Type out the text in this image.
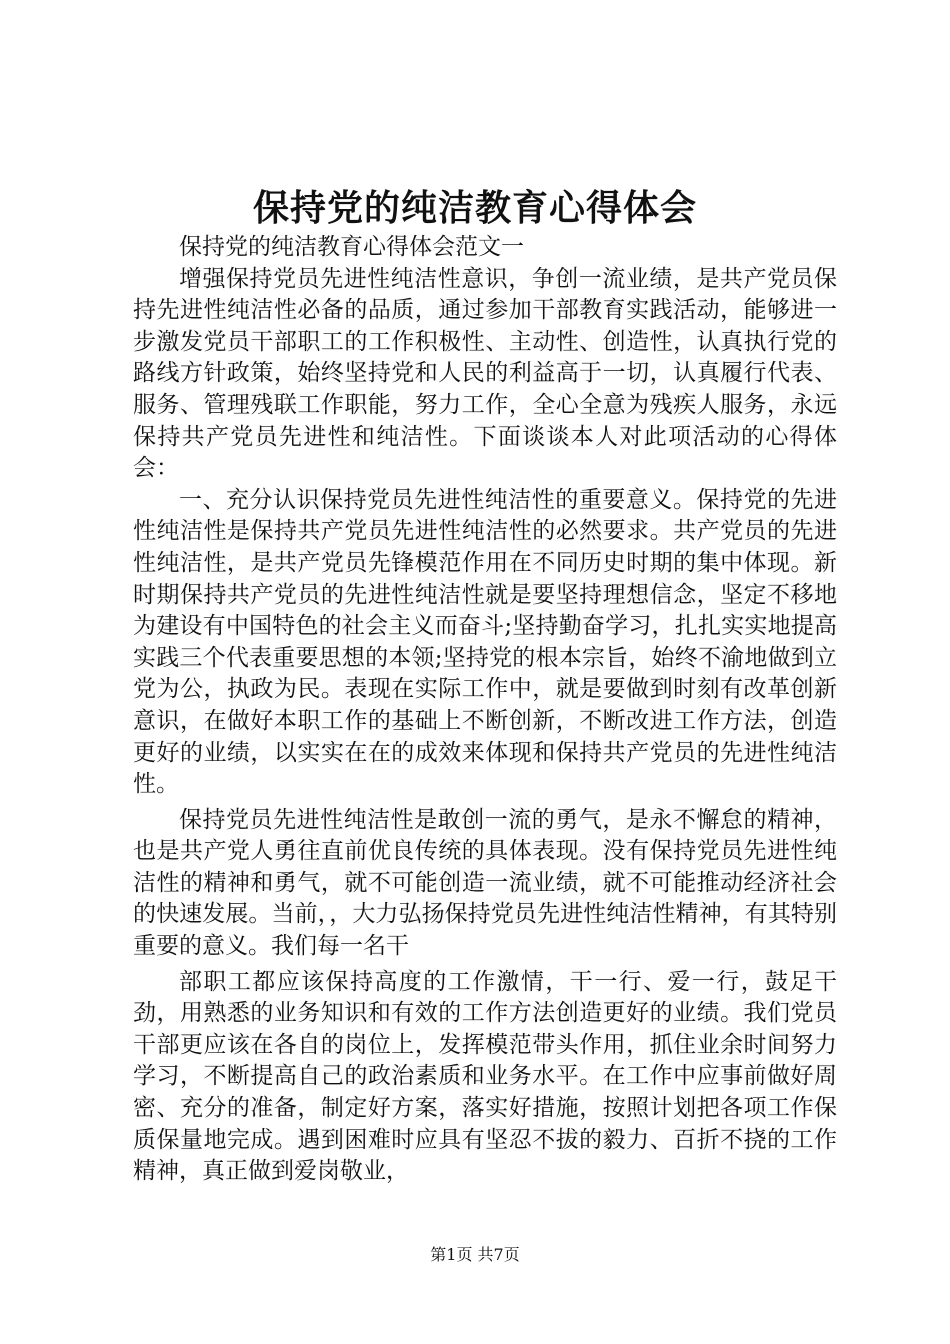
保持党的纯洁教育心得体会

保持党的纯洁教育心得体会范文一

增强保持党员先进性纯洁性意识，争创一流业绩，是共产党员保持先进性纯洁性必备的品质，通过参加干部教育实践活动，能够进一步激发党员干部职工的工作积极性、主动性、创造性，认真执行党的路线方针政策，始终坚持党和人民的利益高于一切，认真履行代表、服务、管理残联工作职能，努力工作，全心全意为残疾人服务，永远保持共产党员先进性和纯洁性。下面谈谈本人对此项活动的心得体会：

一、充分认识保持党员先进性纯洁性的重要意义。保持党的先进性纯洁性是保持共产党员先进性纯洁性的必然要求。共产党员的先进性纯洁性，是共产党员先锋模范作用在不同历史时期的集中体现。新时期保持共产党员的先进性纯洁性就是要坚持理想信念，坚定不移地为建设有中国特色的社会主义而奋斗;坚持勤奋学习，扎扎实实地提高实践三个代表重要思想的本领;坚持党的根本宗旨，始终不渝地做到立党为公，执政为民。表现在实际工作中，就是要做到时刻有改革创新意识，在做好本职工作的基础上不断创新，不断改进工作方法，创造更好的业绩，以实实在在的成效来体现和保持共产党员的先进性纯洁性。

保持党员先进性纯洁性是敢创一流的勇气，是永不懈怠的精神，也是共产党人勇往直前优良传统的具体表现。没有保持党员先进性纯洁性的精神和勇气，就不可能创造一流业绩，就不可能推动经济社会的快速发展。当前，，大力弘扬保持党员先进性纯洁性精神，有其特别重要的意义。我们每一名干

部职工都应该保持高度的工作激情，干一行、爱一行，鼓足干劲，用熟悉的业务知识和有效的工作方法创造更好的业绩。我们党员干部更应该在各自的岗位上，发挥模范带头作用，抓住业余时间努力学习，不断提高自己的政治素质和业务水平。在工作中应事前做好周密、充分的准备，制定好方案，落实好措施，按照计划把各项工作保质保量地完成。遇到困难时应具有坚忍不拔的毅力、百折不挠的工作精神，真正做到爱岗敬业，

第1页 共7页
